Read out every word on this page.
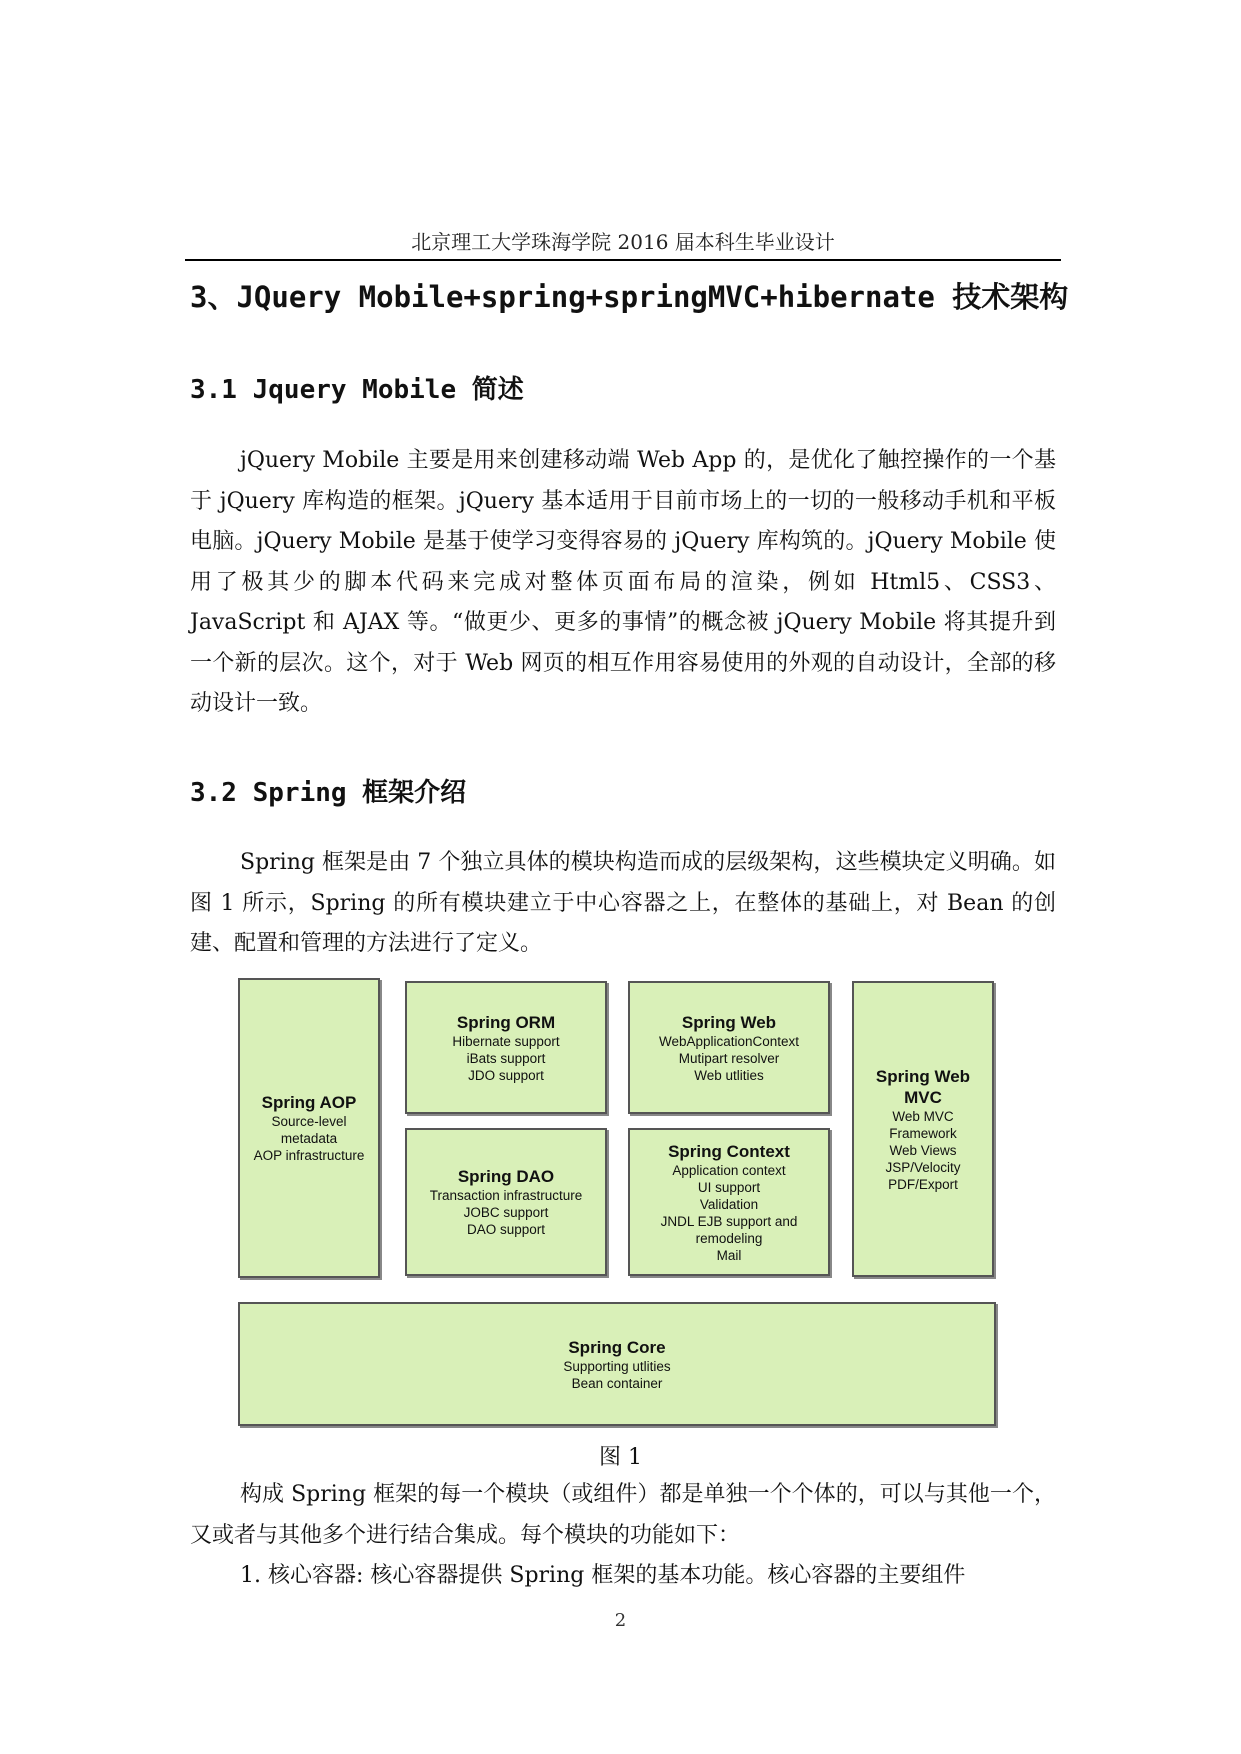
北京理工大学珠海学院 2016 届本科生毕业设计
3、JQuery Mobile+spring+springMVC+hibernate 技术架构
3.1 Jquery Mobile 简述

jQuery Mobile 主要是用来创建移动端 Web App 的，是优化了触控操作的一个基于 jQuery 库构造的框架。jQuery 基本适用于目前市场上的一切的一般移动手机和平板电脑。jQuery Mobile 是基于使学习变得容易的 jQuery 库构筑的。jQuery Mobile 使用了极其少的脚本代码来完成对整体页面布局的渲染，例如 Html5、CSS3、JavaScript 和 AJAX 等。“做更少、更多的事情”的概念被 jQuery Mobile 将其提升到一个新的层次。这个，对于 Web 网页的相互作用容易使用的外观的自动设计，全部的移动设计一致。

3.2 Spring 框架介绍

Spring 框架是由 7 个独立具体的模块构造而成的层级架构，这些模块定义明确。如图 1 所示，Spring 的所有模块建立于中心容器之上，在整体的基础上，对 Bean 的创建、配置和管理的方法进行了定义。

Spring AOP
Source-level
metadata
AOP infrastructure
Spring ORM
Hibernate support
iBats support
JDO support
Spring DAO
Transaction infrastructure
JOBC support
DAO support
Spring Web
WebApplicationContext
Mutipart resolver
Web utlities
Spring Context
Application context
UI support
Validation
JNDL EJB support and
remodeling
Mail
Spring Web
MVC
Web MVC
Framework
Web Views
JSP/Velocity
PDF/Export
Spring Core
Supporting utlities
Bean container
图 1

构成 Spring 框架的每一个模块（或组件）都是单独一个个体的，可以与其他一个，又或者与其他多个进行结合集成。每个模块的功能如下：

1. 核心容器: 核心容器提供 Spring 框架的基本功能。核心容器的主要组件

2
